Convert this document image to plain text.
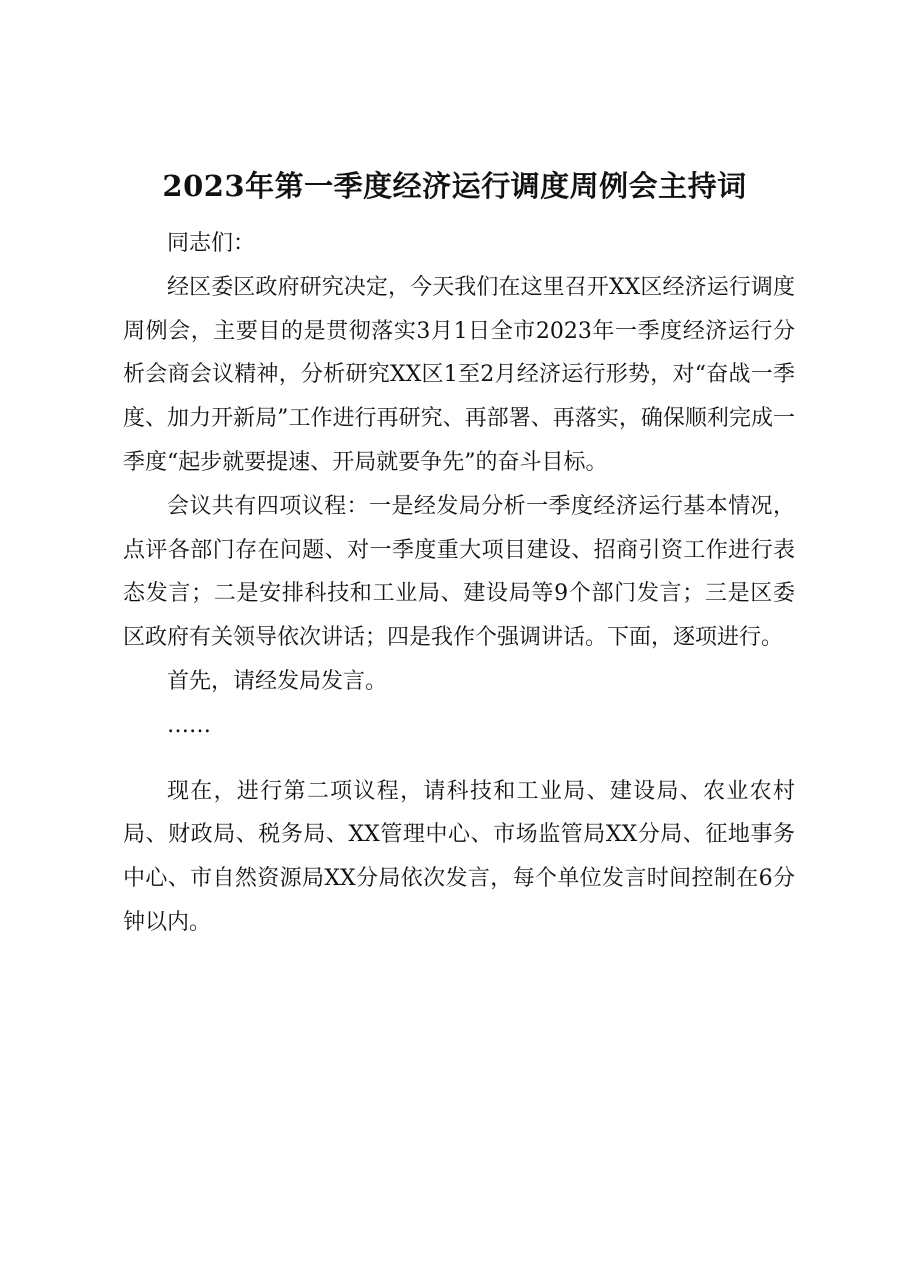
2023年第一季度经济运行调度周例会主持词

同志们：

经区委区政府研究决定，今天我们在这里召开XX区经济运行调度周例会，主要目的是贯彻落实3月1日全市2023年一季度经济运行分析会商会议精神，分析研究XX区1至2月经济运行形势，对“奋战一季度、加力开新局”工作进行再研究、再部署、再落实，确保顺利完成一季度“起步就要提速、开局就要争先”的奋斗目标。

会议共有四项议程：一是经发局分析一季度经济运行基本情况，点评各部门存在问题、对一季度重大项目建设、招商引资工作进行表态发言；二是安排科技和工业局、建设局等9个部门发言；三是区委区政府有关领导依次讲话；四是我作个强调讲话。下面，逐项进行。

首先，请经发局发言。

……

现在，进行第二项议程，请科技和工业局、建设局、农业农村局、财政局、税务局、XX管理中心、市场监管局XX分局、征地事务中心、市自然资源局XX分局依次发言，每个单位发言时间控制在6分钟以内。
